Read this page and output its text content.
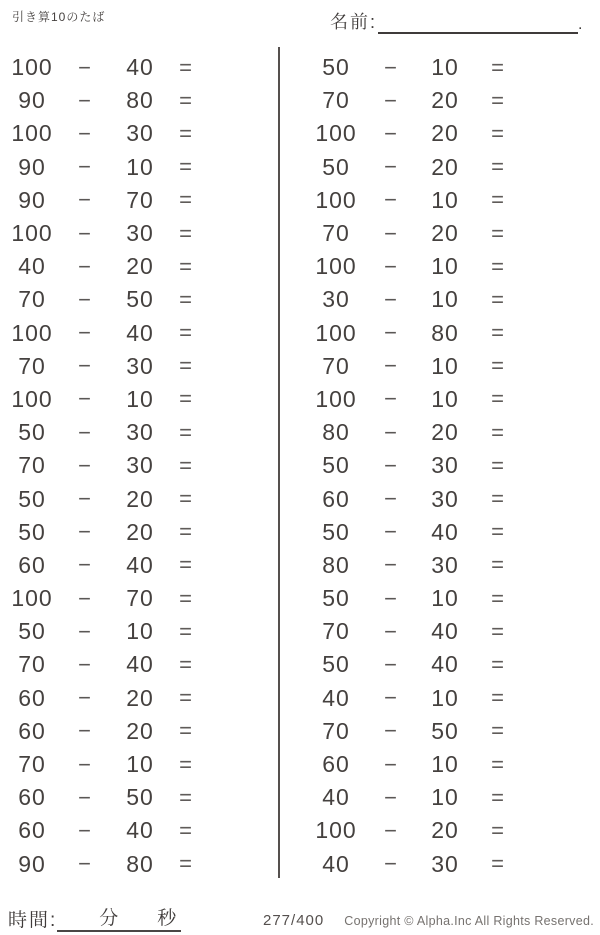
引き算10のたば	名前:	.
100	−	40	=
90	−	80	=
100	−	30	=
90	−	10	=
90	−	70	=
100	−	30	=
40	−	20	=
70	−	50	=
100	−	40	=
70	−	30	=
100	−	10	=
50	−	30	=
70	−	30	=
50	−	20	=
50	−	20	=
60	−	40	=
100	−	70	=
50	−	10	=
70	−	40	=
60	−	20	=
60	−	20	=
70	−	10	=
60	−	50	=
60	−	40	=
90	−	80	=
50	−	10	=
70	−	20	=
100	−	20	=
50	−	20	=
100	−	10	=
70	−	20	=
100	−	10	=
30	−	10	=
100	−	80	=
70	−	10	=
100	−	10	=
80	−	20	=
50	−	30	=
60	−	30	=
50	−	40	=
80	−	30	=
50	−	10	=
70	−	40	=
50	−	40	=
40	−	10	=
70	−	50	=
60	−	10	=
40	−	10	=
100	−	20	=
40	−	30	=
時間: 分 秒	277/400 Copyright © Alpha.Inc All Rights Reserved.
